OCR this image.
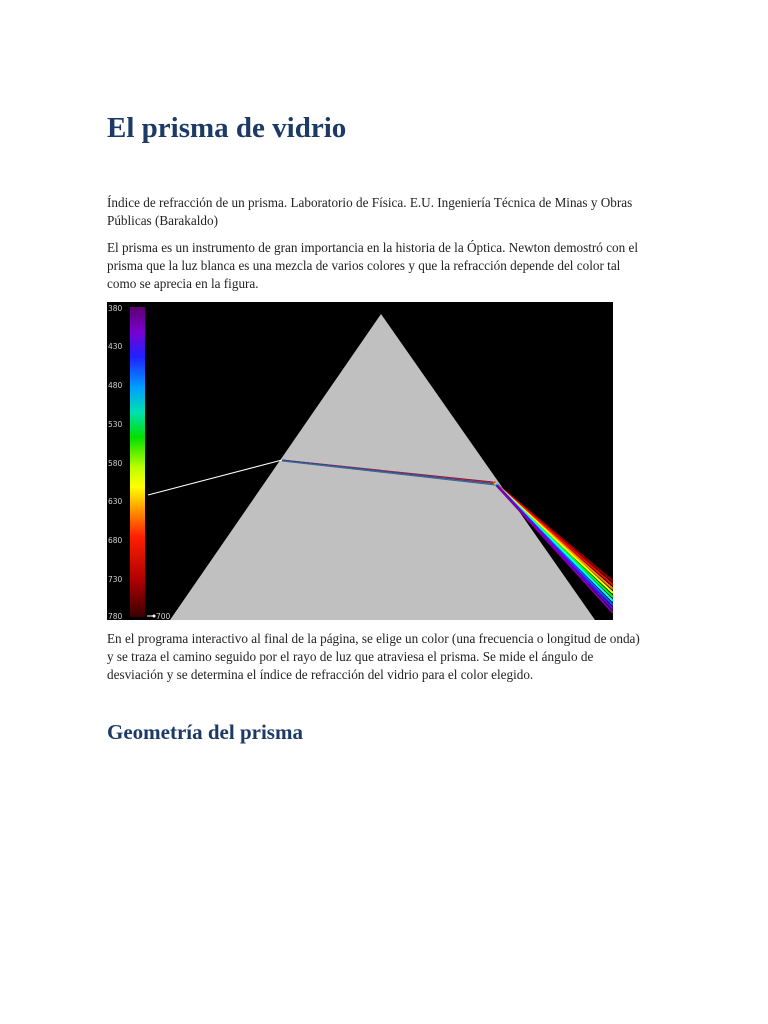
El prisma de vidrio

Índice de refracción de un prisma. Laboratorio de Física. E.U. Ingeniería Técnica de Minas y Obras Públicas (Barakaldo)

El prisma es un instrumento de gran importancia en la historia de la Óptica. Newton demostró con el prisma que la luz blanca es una mezcla de varios colores y que la refracción depende del color tal como se aprecia en la figura.

380
430
480
530
580
630
680
730
780	700

En el programa interactivo al final de la página, se elige un color (una frecuencia o longitud de onda) y se traza el camino seguido por el rayo de luz que atraviesa el prisma. Se mide el ángulo de desviación y se determina el índice de refracción del vidrio para el color elegido.

Geometría del prisma
